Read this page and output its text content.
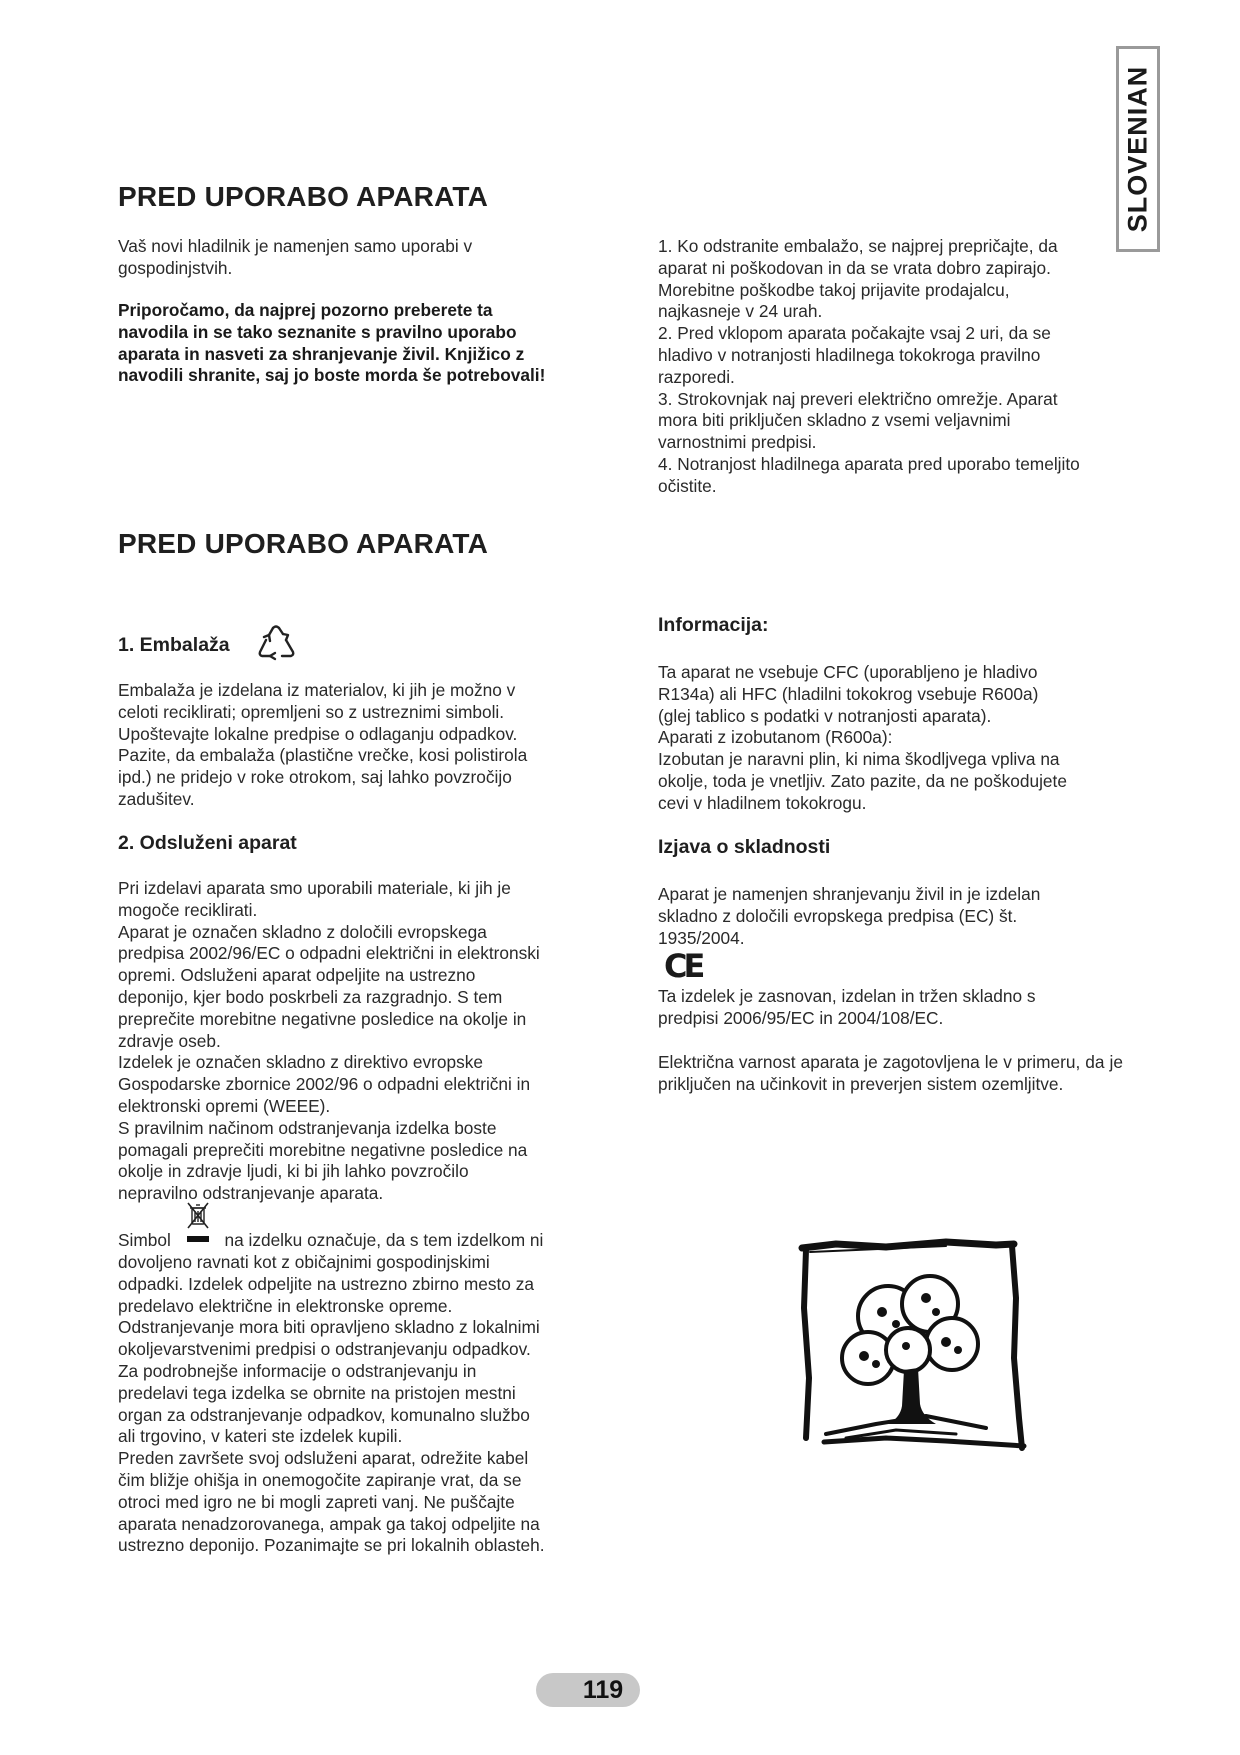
SLOVENIAN
PRED UPORABO APARATA
Vaš novi hladilnik je namenjen samo uporabi v
gospodinjstvih.
Priporočamo, da najprej pozorno preberete ta
navodila in se tako seznanite s pravilno uporabo
aparata in nasveti za shranjevanje živil. Knjižico z
navodili shranite, saj jo boste morda še potrebovali!
1. Ko odstranite embalažo, se najprej prepričajte, da
aparat ni poškodovan in da se vrata dobro zapirajo.
Morebitne poškodbe takoj prijavite prodajalcu,
najkasneje v 24 urah.
2. Pred vklopom aparata počakajte vsaj 2 uri, da se
hladivo v notranjosti hladilnega tokokroga pravilno
razporedi.
3. Strokovnjak naj preveri električno omrežje. Aparat
mora biti priključen skladno z vsemi veljavnimi
varnostnimi predpisi.
4. Notranjost hladilnega aparata pred uporabo temeljito
očistite.
PRED UPORABO APARATA
1. Embalaža
Embalaža je izdelana iz materialov, ki jih je možno v
celoti reciklirati; opremljeni so z ustreznimi simboli.
Upoštevajte lokalne predpise o odlaganju odpadkov.
Pazite, da embalaža (plastične vrečke, kosi polistirola
ipd.) ne pridejo v roke otrokom, saj lahko povzročijo
zadušitev.
2. Odsluženi aparat
Pri izdelavi aparata smo uporabili materiale, ki jih je
mogoče reciklirati.
Aparat je označen skladno z določili evropskega
predpisa 2002/96/EC o odpadni električni in elektronski
opremi. Odsluženi aparat odpeljite na ustrezno
deponijo, kjer bodo poskrbeli za razgradnjo. S tem
preprečite morebitne negativne posledice na okolje in
zdravje oseb.
Izdelek je označen skladno z direktivo evropske
Gospodarske zbornice 2002/96 o odpadni električni in
elektronski opremi (WEEE).
S pravilnim načinom odstranjevanja izdelka boste
pomagali preprečiti morebitne negativne posledice na
okolje in zdravje ljudi, ki bi jih lahko povzročilo
nepravilno odstranjevanje aparata.
Simbol	na izdelku označuje, da s tem izdelkom ni
dovoljeno ravnati kot z običajnimi gospodinjskimi
odpadki. Izdelek odpeljite na ustrezno zbirno mesto za
predelavo električne in elektronske opreme.
Odstranjevanje mora biti opravljeno skladno z lokalnimi
okoljevarstvenimi predpisi o odstranjevanju odpadkov.
Za podrobnejše informacije o odstranjevanju in
predelavi tega izdelka se obrnite na pristojen mestni
organ za odstranjevanje odpadkov, komunalno službo
ali trgovino, v kateri ste izdelek kupili.
Preden završete svoj odsluženi aparat, odrežite kabel
čim bližje ohišja in onemogočite zapiranje vrat, da se
otroci med igro ne bi mogli zapreti vanj. Ne puščajte
aparata nenadzorovanega, ampak ga takoj odpeljite na
ustrezno deponijo. Pozanimajte se pri lokalnih oblasteh.
Informacija:
Ta aparat ne vsebuje CFC (uporabljeno je hladivo
R134a) ali HFC (hladilni tokokrog vsebuje R600a)
(glej tablico s podatki v notranjosti aparata).
Aparati z izobutanom (R600a):
Izobutan je naravni plin, ki nima škodljvega vpliva na
okolje, toda je vnetljiv. Zato pazite, da ne poškodujete
cevi v hladilnem tokokrogu.
Izjava o skladnosti
Aparat je namenjen shranjevanju živil in je izdelan
skladno z določili evropskega predpisa (EC) št.
1935/2004.
CE
Ta izdelek je zasnovan, izdelan in tržen skladno s
predpisi 2006/95/EC in 2004/108/EC.
Električna varnost aparata je zagotovljena le v primeru, da je priključen na učinkovit in preverjen sistem ozemljitve.
119
